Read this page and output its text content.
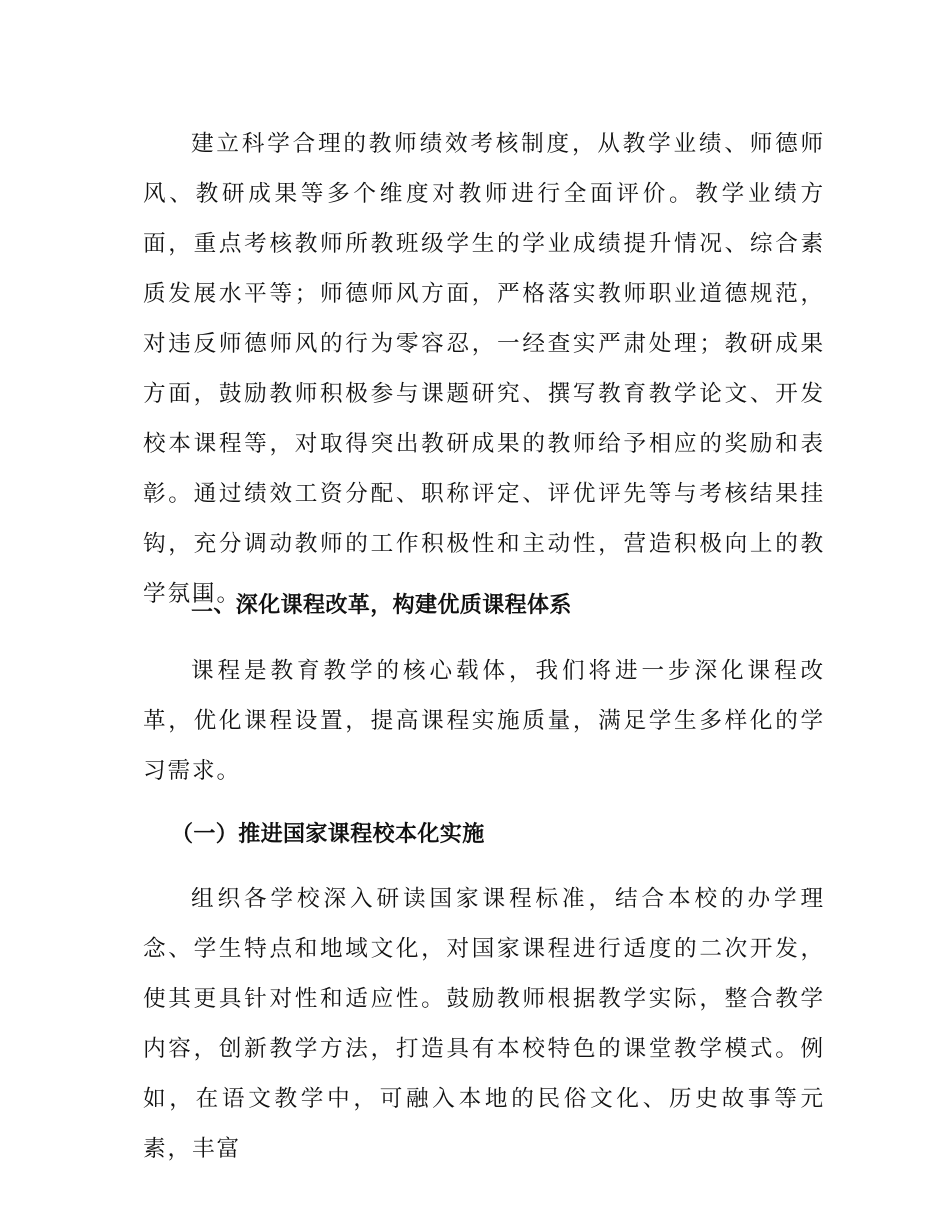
建立科学合理的教师绩效考核制度，从教学业绩、师德师风、教研成果等多个维度对教师进行全面评价。教学业绩方面，重点考核教师所教班级学生的学业成绩提升情况、综合素质发展水平等；师德师风方面，严格落实教师职业道德规范，对违反师德师风的行为零容忍，一经查实严肃处理；教研成果方面，鼓励教师积极参与课题研究、撰写教育教学论文、开发校本课程等，对取得突出教研成果的教师给予相应的奖励和表彰。通过绩效工资分配、职称评定、评优评先等与考核结果挂钩，充分调动教师的工作积极性和主动性，营造积极向上的教学氛围。

二、深化课程改革，构建优质课程体系

课程是教育教学的核心载体，我们将进一步深化课程改革，优化课程设置，提高课程实施质量，满足学生多样化的学习需求。

（一）推进国家课程校本化实施

组织各学校深入研读国家课程标准，结合本校的办学理念、学生特点和地域文化，对国家课程进行适度的二次开发，使其更具针对性和适应性。鼓励教师根据教学实际，整合教学内容，创新教学方法，打造具有本校特色的课堂教学模式。例如，在语文教学中，可融入本地的民俗文化、历史故事等元素，丰富
